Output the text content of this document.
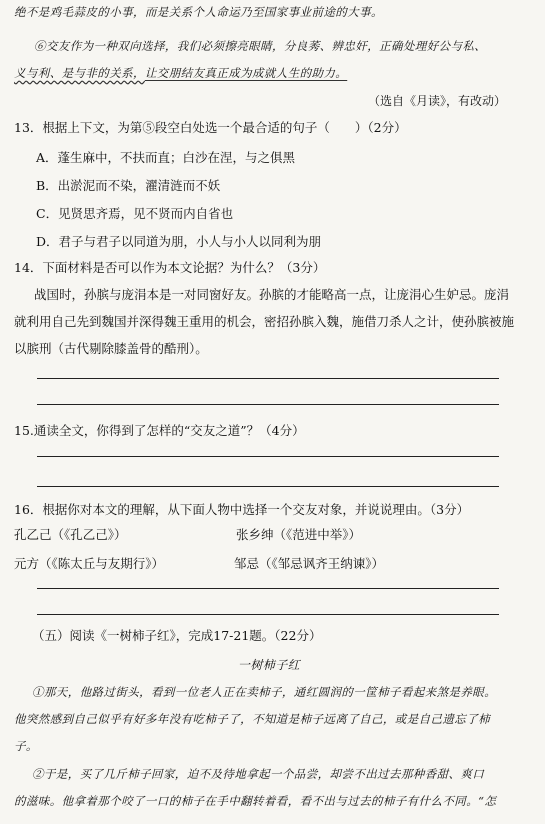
绝不是鸡毛蒜皮的小事，而是关系个人命运乃至国家事业前途的大事。
⑥交友作为一种双向选择，我们必须擦亮眼睛，分良莠、辨忠奸，正确处理好公与私、
义与利、是与非的关系，让交朋结友真正成为成就人生的助力。
（选自《月读》，有改动）
13．根据上下文，为第⑤段空白处选一个最合适的句子（　　）（2分）
A．蓬生麻中，不扶而直；白沙在涅，与之俱黑
B．出淤泥而不染，濯清涟而不妖
C．见贤思齐焉，见不贤而内自省也
D．君子与君子以同道为朋，小人与小人以同利为朋
14．下面材料是否可以作为本文论据？为什么？（3分）
战国时，孙膑与庞涓本是一对同窗好友。孙膑的才能略高一点，让庞涓心生妒忌。庞涓
就利用自己先到魏国并深得魏王重用的机会，密招孙膑入魏，施借刀杀人之计，使孙膑被施
以膑刑（古代剔除膝盖骨的酷刑）。
15.通读全文，你得到了怎样的“交友之道”？（4分）
16．根据你对本文的理解，从下面人物中选择一个交友对象，并说说理由。（3分）
孔乙己（《孔乙己》）	张乡绅（《范进中举》）
元方（《陈太丘与友期行》）	邹忌（《邹忌讽齐王纳谏》）
（五）阅读《一树柿子红》，完成17-21题。（22分）
一树柿子红
①那天，他路过街头，看到一位老人正在卖柿子，通红圆润的一筐柿子看起来煞是养眼。
他突然感到自己似乎有好多年没有吃柿子了，不知道是柿子远离了自己，或是自己遗忘了柿
子。
②于是，买了几斤柿子回家，迫不及待地拿起一个品尝，却尝不出过去那种香甜、爽口
的滋味。他拿着那个咬了一口的柿子在手中翻转着看，看不出与过去的柿子有什么不同。“怎
